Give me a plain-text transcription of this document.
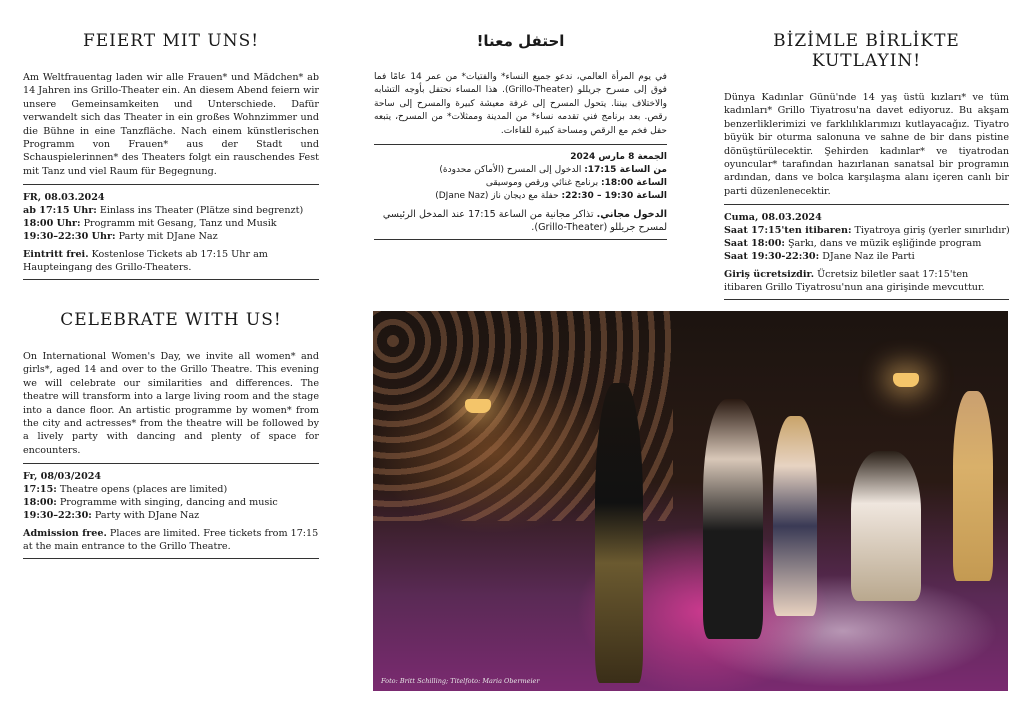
FEIERT MIT UNS!

Am Weltfrauentag laden wir alle Frauen* und Mädchen* ab 14 Jahren ins Grillo-Theater ein. An diesem Abend feiern wir unsere Gemeinsamkeiten und Unterschiede. Dafür verwandelt sich das Theater in ein großes Wohnzimmer und die Bühne in eine Tanzfläche. Nach einem künstlerischen Programm von Frauen* aus der Stadt und Schauspielerinnen* des Theaters folgt ein rauschendes Fest mit Tanz und viel Raum für Begegnung.

FR, 08.03.2024
ab 17:15 Uhr: Einlass ins Theater (Plätze sind begrenzt)
18:00 Uhr: Programm mit Gesang, Tanz und Musik
19:30–22:30 Uhr: Party mit DJane Naz
Eintritt frei. Kostenlose Tickets ab 17:15 Uhr am Haupteingang des Grillo-Theaters.
احتفل معنا!

في يوم المرأة العالمي، ندعو جميع النساء* والفتيات* من عمر 14 عامًا فما فوق إلى مسرح جريللو (Grillo-Theater). هذا المساء نحتفل بأوجه التشابه والاختلاف بيننا. يتحول المسرح إلى غرفة معيشة كبيرة والمسرح إلى ساحة رقص. بعد برنامج فني تقدمه نساء* من المدينة وممثلات* من المسرح، يتبعه حفل فخم مع الرقص ومساحة كبيرة للقاءات.

الجمعة 8 مارس 2024
من الساعة 17:15: الدخول إلى المسرح (الأماكن محدودة)
الساعة 18:00: برنامج غنائي ورقص وموسيقى
الساعة 19:30 – 22:30: حفلة مع ديجان ناز (DJane Naz)
الدخول مجاني. تذاكر مجانية من الساعة 17:15 عند المدخل الرئيسي لمسرح جريللو (Grillo-Theater).
BİZİMLE BİRLİKTE KUTLAYIN!

Dünya Kadınlar Günü'nde 14 yaş üstü kızları* ve tüm kadınları* Grillo Tiyatrosu'na davet ediyoruz. Bu akşam benzerliklerimizi ve farklılıklarımızı kutlayacağız. Tiyatro büyük bir oturma salonuna ve sahne de bir dans pistine dönüştürülecektir. Şehirden kadınlar* ve tiyatrodan oyuncular* tarafından hazırlanan sanatsal bir programın ardından, dans ve bolca karşılaşma alanı içeren canlı bir parti düzenlenecektir.

Cuma, 08.03.2024
Saat 17:15'ten itibaren: Tiyatroya giriş (yerler sınırlıdır)
Saat 18:00: Şarkı, dans ve müzik eşliğinde program
Saat 19:30-22:30: DJane Naz ile Parti
Giriş ücretsizdir. Ücretsiz biletler saat 17:15'ten itibaren Grillo Tiyatrosu'nun ana girişinde mevcuttur.
CELEBRATE WITH US!

On International Women's Day, we invite all women* and girls*, aged 14 and over to the Grillo Theatre. This evening we will celebrate our similarities and differences. The theatre will transform into a large living room and the stage into a dance floor. An artistic programme by women* from the city and actresses* from the theatre will be followed by a lively party with dancing and plenty of space for encounters.

Fr, 08/03/2024
17:15: Theatre opens (places are limited)
18:00: Programme with singing, dancing and music
19:30–22:30: Party with DJane Naz
Admission free. Places are limited. Free tickets from 17:15 at the main entrance to the Grillo Theatre.
Foto: Britt Schilling; Titelfoto: Maria Obermeier
